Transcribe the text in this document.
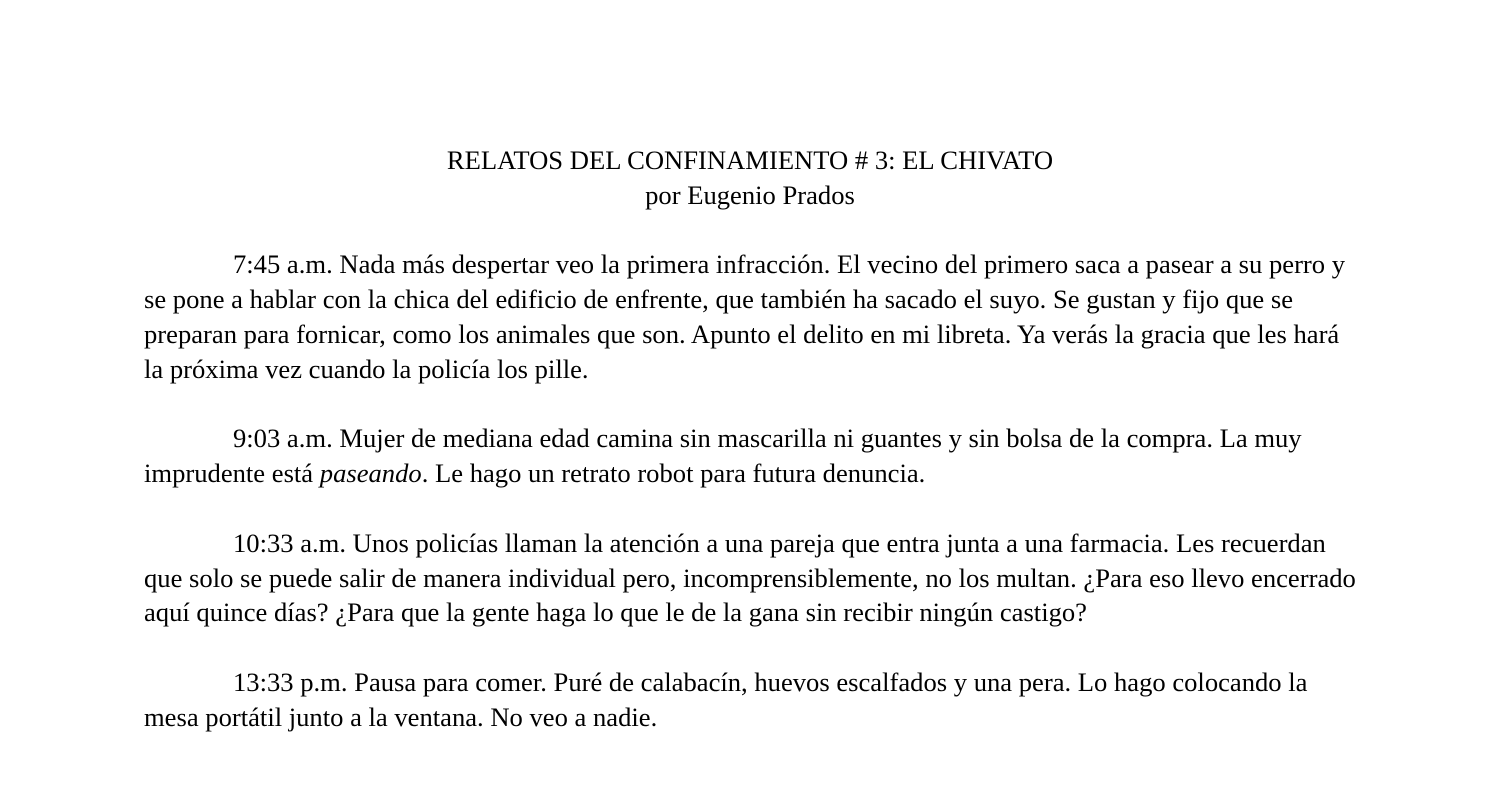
RELATOS DEL CONFINAMIENTO # 3: EL CHIVATO
por Eugenio Prados

7:45 a.m. Nada más despertar veo la primera infracción. El vecino del primero saca a pasear a su perro y se pone a hablar con la chica del edificio de enfrente, que también ha sacado el suyo. Se gustan y fijo que se preparan para fornicar, como los animales que son. Apunto el delito en mi libreta. Ya verás la gracia que les hará la próxima vez cuando la policía los pille.

9:03 a.m. Mujer de mediana edad camina sin mascarilla ni guantes y sin bolsa de la compra. La muy imprudente está paseando. Le hago un retrato robot para futura denuncia.

10:33 a.m. Unos policías llaman la atención a una pareja que entra junta a una farmacia. Les recuerdan que solo se puede salir de manera individual pero, incomprensiblemente, no los multan. ¿Para eso llevo encerrado aquí quince días? ¿Para que la gente haga lo que le de la gana sin recibir ningún castigo?

13:33 p.m. Pausa para comer. Puré de calabacín, huevos escalfados y una pera. Lo hago colocando la mesa portátil junto a la ventana. No veo a nadie.
